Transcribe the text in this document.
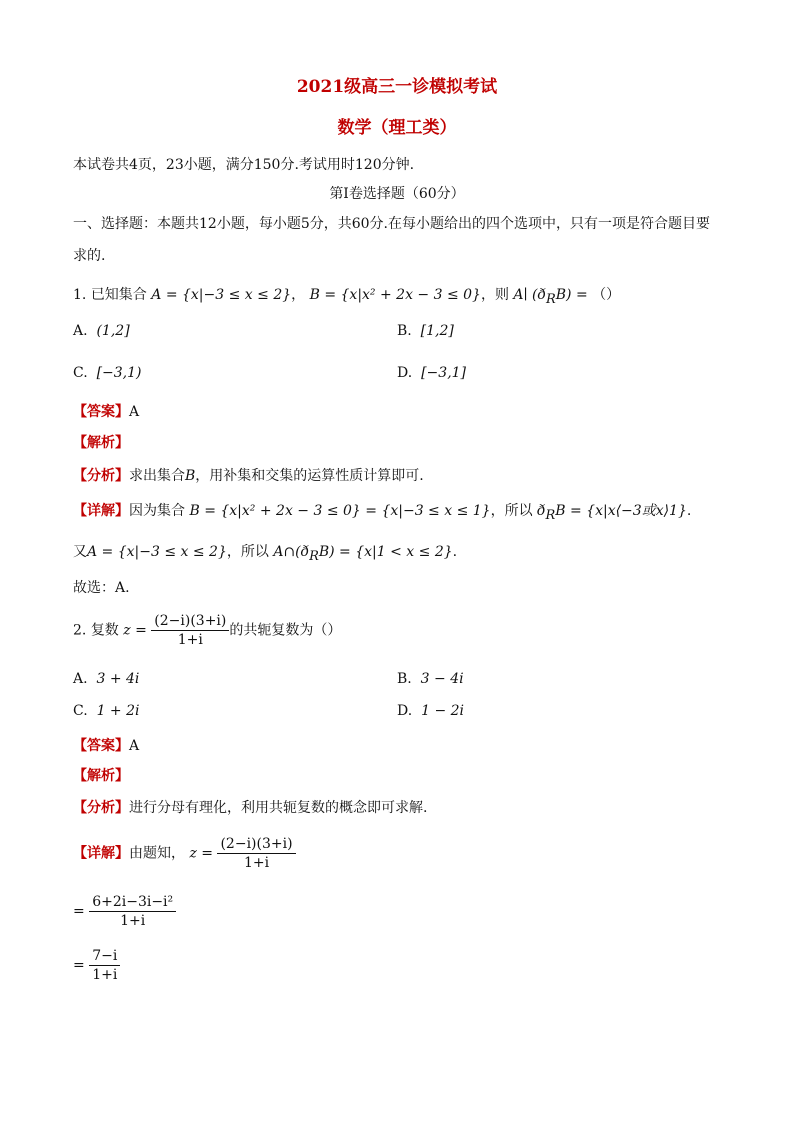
2021级高三一诊模拟考试
数学（理工类）
本试卷共4页，23小题，满分150分.考试用时120分钟.
第I卷选择题（60分）
一、选择题：本题共12小题，每小题5分，共60分.在每小题给出的四个选项中，只有一项是符合题目要
求的.
1. 已知集合 A = {x|−3 ≤ x ≤ 2}， B = {x|x² + 2x − 3 ≤ 0}，则 A∣ $(ð_RB)$ = （）
A. (1,2]	B. [1,2]
C. [−3,1)	D. [−3,1]
【答案】A
【解析】
【分析】求出集合B，用补集和交集的运算性质计算即可.
【详解】因为集合 B = {x|x² + 2x − 3 ≤ 0} = {x|−3 ≤ x ≤ 1}，所以 $ð_RB$ = {x|x⟨−3或x⟩1}.
又A = {x|−3 ≤ x ≤ 2}，所以 $A\cap(ð_RB) = \{x|1 < x \le 2\}$.
故选：A.
2. 复数 $z = \frac{(2-i)(3+i)}{1+i}$ 的共轭复数为（）
A. 3 + 4i	B. 3 − 4i
C. 1 + 2i	D. 1 − 2i
【答案】A
【解析】
【分析】进行分母有理化，利用共轭复数的概念即可求解.
【详解】由题知， $z = \frac{(2-i)(3+i)}{1+i}$
= $\frac{\text{6+2i−3i−i²}}{1+i}$
= $\frac{7-i}{1+i}$
